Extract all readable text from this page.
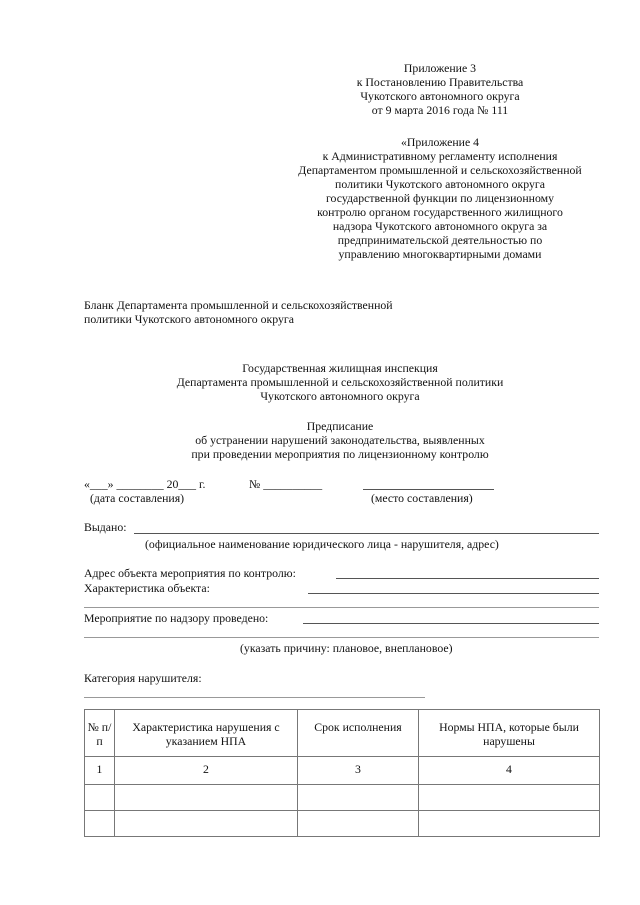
Приложение 3
к Постановлению Правительства
Чукотского автономного округа
от 9 марта 2016 года № 111
«Приложение 4
к Административному регламенту исполнения
Департаментом промышленной и сельскохозяйственной
политики Чукотского автономного округа
государственной функции по лицензионному
контролю органом государственного жилищного
надзора Чукотского автономного округа за
предпринимательской деятельностью по
управлению многоквартирными домами
Бланк Департамента промышленной и сельскохозяйственной
политики Чукотского автономного округа
Государственная жилищная инспекция
Департамента промышленной и сельскохозяйственной политики
Чукотского автономного округа
Предписание
об устранении нарушений законодательства, выявленных
при проведении мероприятия по лицензионному контролю
«___» ________ 20___ г.	№ __________
(дата составления)	(место составления)
Выдано:
(официальное наименование юридического лица - нарушителя, адрес)
Адрес объекта мероприятия по контролю:
Характеристика объекта:
Мероприятие по надзору проведено:
(указать причину: плановое, внеплановое)
Категория нарушителя:
№ п/п	Характеристика нарушения с указанием НПА	Срок исполнения	Нормы НПА, которые были нарушены
1	2	3	4
